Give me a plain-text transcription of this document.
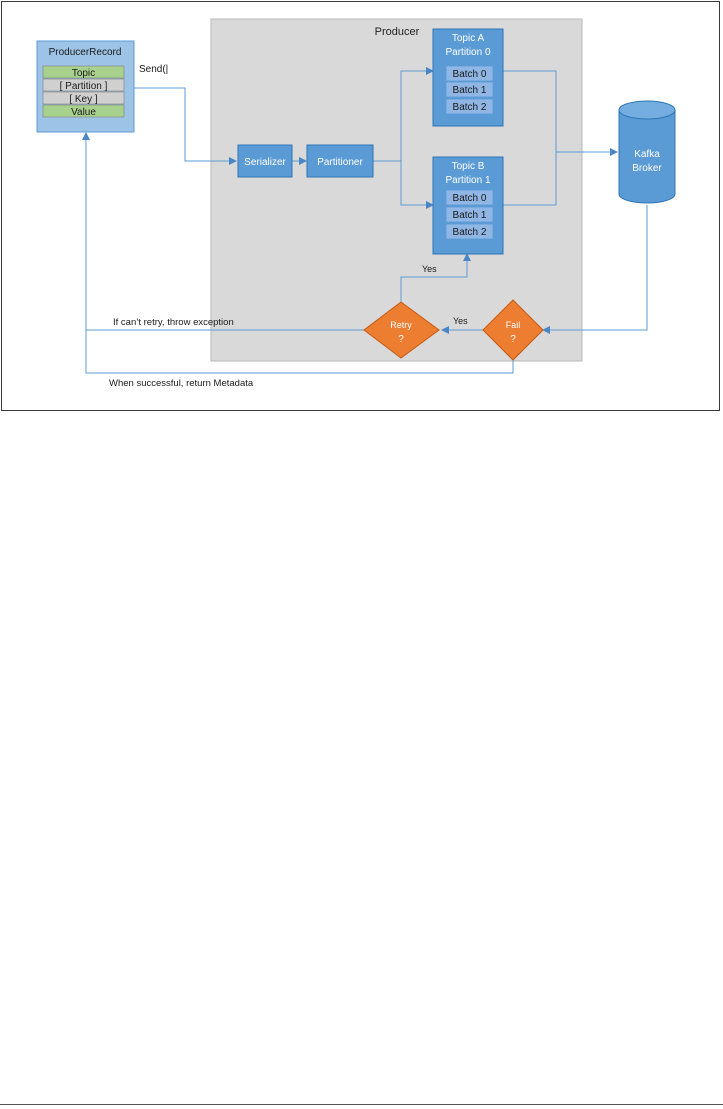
Producer
ProducerRecord
Topic
[ Partition ]
[ Key ]
Value
Send(|
Serializer	Partitioner
Topic A
Partition 0
Batch 0
Batch 1
Batch 2
Topic B
Partition 1
Batch 0
Batch 1
Batch 2
Kafka
Broker
Fail
?
Retry
?
Yes
Yes
If can’t retry, throw exception
When successful, return Metadata
